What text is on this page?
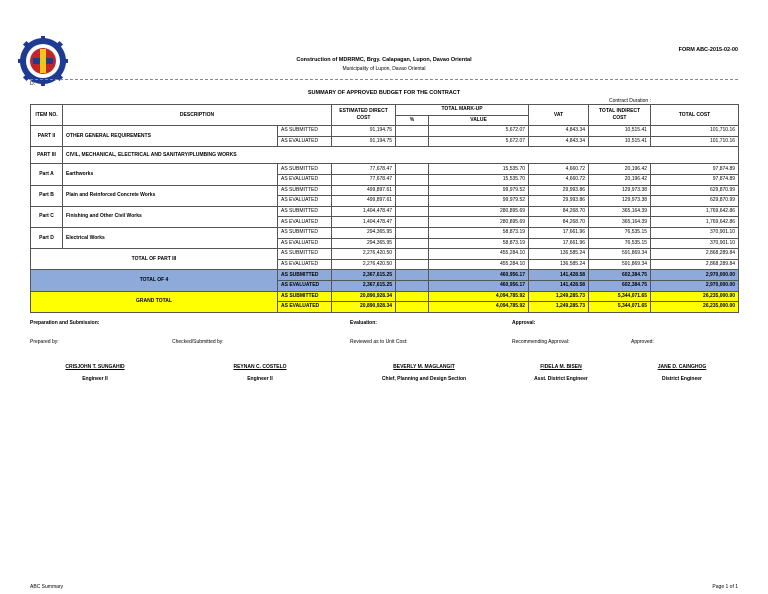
FORM ABC-2015-02-00
Construction of MDRRMC, Brgy. Calapagan, Lupon, Davao Oriental
Municipality of Lupon, Davao Oriental
D:
SUMMARY OF APPROVED BUDGET FOR THE CONTRACT
Contract Duration :
ITEM NO.	DESCRIPTION		ESTIMATED DIRECT COST	TOTAL MARK-UP		VAT	TOTAL INDIRECT COST	TOTAL COST
				%	VALUE			
PART II	OTHER GENERAL REQUIREMENTS	AS SUBMITTED	91,194.75		5,672.07	4,843.34	10,515.41	101,710.16
		AS EVALUATED	91,194.75		5,672.07	4,843.34	10,515.41	101,710.16
PART III	CIVIL, MECHANICAL, ELECTRICAL AND SANITARY/PLUMBING WORKS							
Part A	Earthworks	AS SUBMITTED	77,678.47		15,535.70	4,660.72	20,196.42	97,874.89
		AS EVALUATED	77,678.47		15,535.70	4,660.72	20,196.42	97,874.89
Part B	Plain and Reinforced Concrete Works	AS SUBMITTED	499,897.61		99,979.52	29,993.86	129,973.38	629,870.99
		AS EVALUATED	499,897.61		99,979.52	29,993.86	129,973.38	629,870.99
Part C	Finishing and Other Civil Works	AS SUBMITTED	1,404,478.47		280,895.69	84,268.70	365,164.39	1,769,642.86
		AS EVALUATED	1,404,478.47		280,895.69	84,268.70	365,164.39	1,769,642.86
Part D	Electrical Works	AS SUBMITTED	294,365.95		58,873.19	17,661.96	76,535.15	370,901.10
		AS EVALUATED	294,365.95		58,873.19	17,661.96	76,535.15	370,901.10
TOTAL OF PART III		AS SUBMITTED	2,276,420.50		455,284.10	136,585.24	591,869.34	2,868,289.84
		AS EVALUATED	2,276,420.50		455,284.10	136,585.24	591,869.34	2,868,289.84
TOTAL OF 4		AS SUBMITTED	2,367,615.25		460,956.17	141,428.58	602,384.75	2,970,000.00
		AS EVALUATED	2,367,615.25		460,956.17	141,428.58	602,384.75	2,970,000.00
GRAND TOTAL		AS SUBMITTED	20,890,928.34		4,094,785.92	1,249,285.73	5,344,071.65	26,235,000.00
		AS EVALUATED	20,890,928.34		4,094,785.92	1,249,285.73	5,344,071.65	26,235,000.00
Preparation and Submission:	Evaluation:	Approval:
Prepared by:	Checked/Submitted by:	Reviewed as to Unit Cost:	Recommending Approval:	Approved:
CRISJOHN T. SUNGAHID
Engineer II
REYNAN C. COSTELO
Engineer II
BEVERLY M. MAGLANGIT
Chief, Planning and Design Section
FIDELA M. BISEN
Asst. District Engineer
JANE D. CAINGHOG
District Engineer
ABC Summary	Page 1 of 1
